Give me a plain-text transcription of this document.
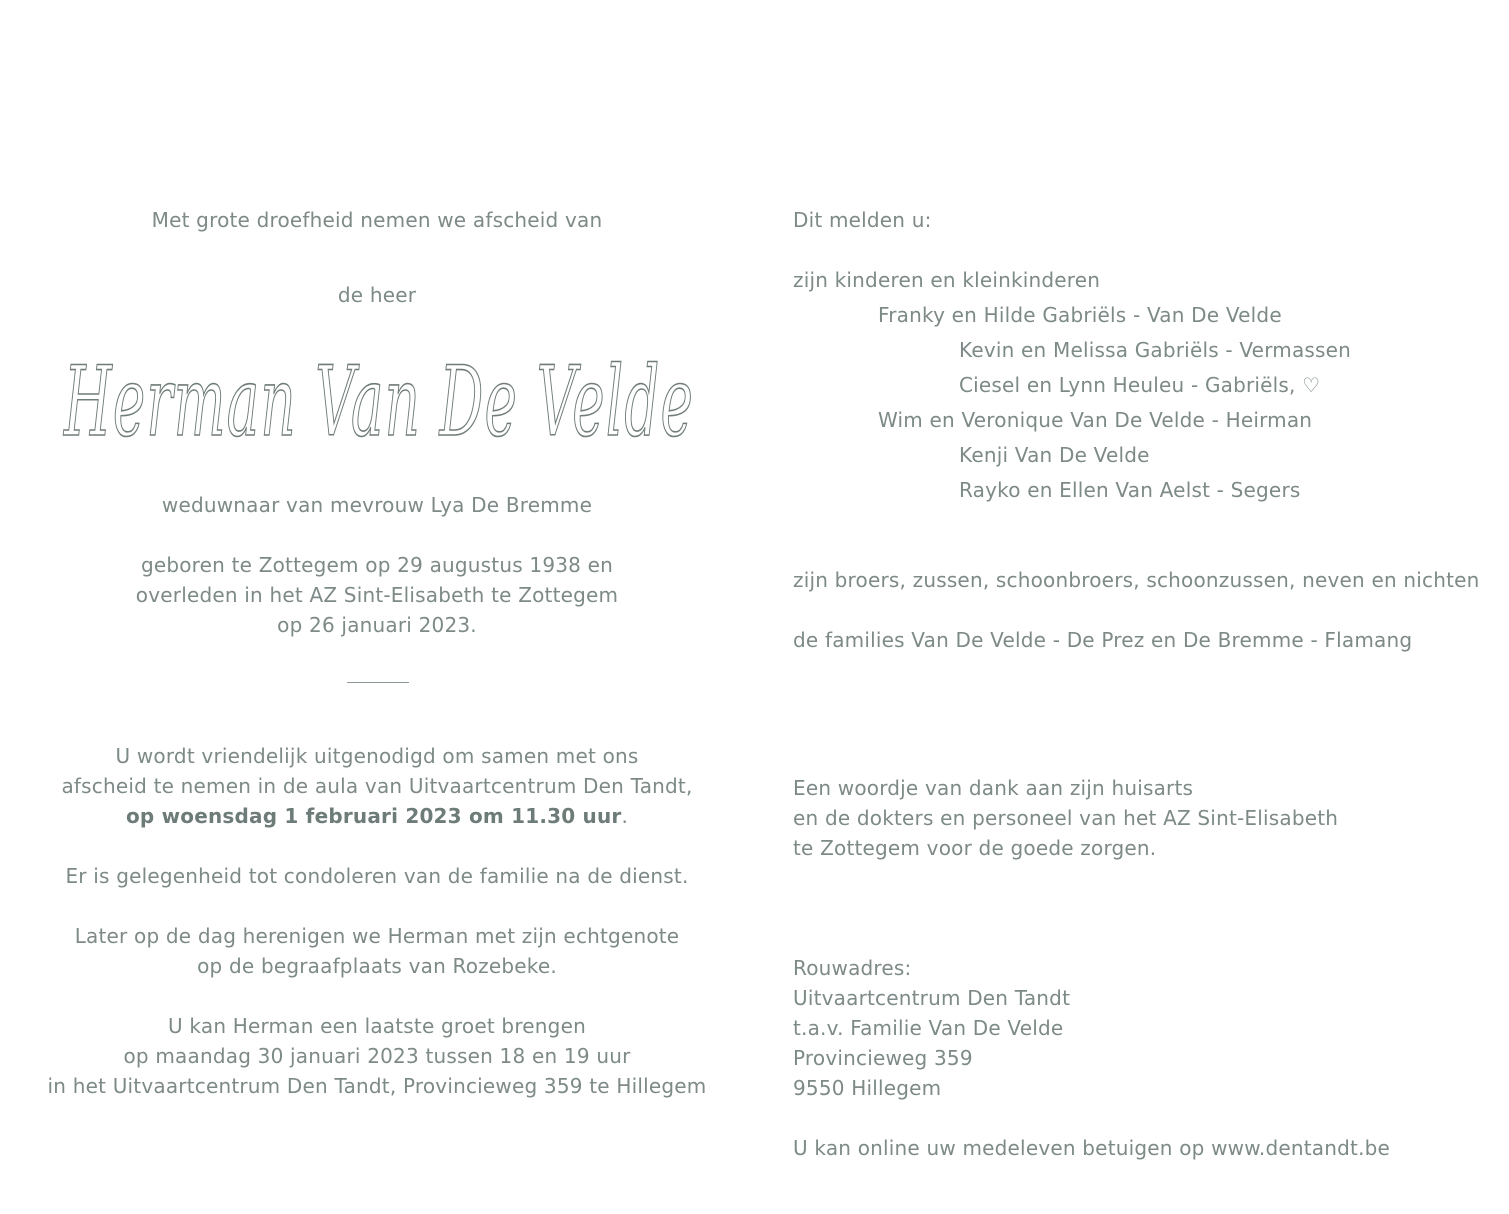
Met grote droefheid nemen we afscheid van

de heer

Herman Van De Velde

weduwnaar van mevrouw Lya De Bremme

geboren te Zottegem op 29 augustus 1938 en

overleden in het AZ Sint-Elisabeth te Zottegem

op 26 januari 2023.

U wordt vriendelijk uitgenodigd om samen met ons

afscheid te nemen in de aula van Uitvaartcentrum Den Tandt,

op woensdag 1 februari 2023 om 11.30 uur.

Er is gelegenheid tot condoleren van de familie na de dienst.

Later op de dag herenigen we Herman met zijn echtgenote

op de begraafplaats van Rozebeke.

U kan Herman een laatste groet brengen

op maandag 30 januari 2023 tussen 18 en 19 uur

in het Uitvaartcentrum Den Tandt, Provincieweg 359 te Hillegem

Dit melden u:

zijn kinderen en kleinkinderen

Franky en Hilde Gabriëls - Van De Velde

Kevin en Melissa Gabriëls - Vermassen

Ciesel en Lynn Heuleu - Gabriëls, ♡

Wim en Veronique Van De Velde - Heirman

Kenji Van De Velde

Rayko en Ellen Van Aelst - Segers

zijn broers, zussen, schoonbroers, schoonzussen, neven en nichten

de families Van De Velde - De Prez en De Bremme - Flamang

Een woordje van dank aan zijn huisarts

en de dokters en personeel van het AZ Sint-Elisabeth

te Zottegem voor de goede zorgen.

Rouwadres:

Uitvaartcentrum Den Tandt

t.a.v. Familie Van De Velde

Provincieweg 359

9550 Hillegem

U kan online uw medeleven betuigen op www.dentandt.be
